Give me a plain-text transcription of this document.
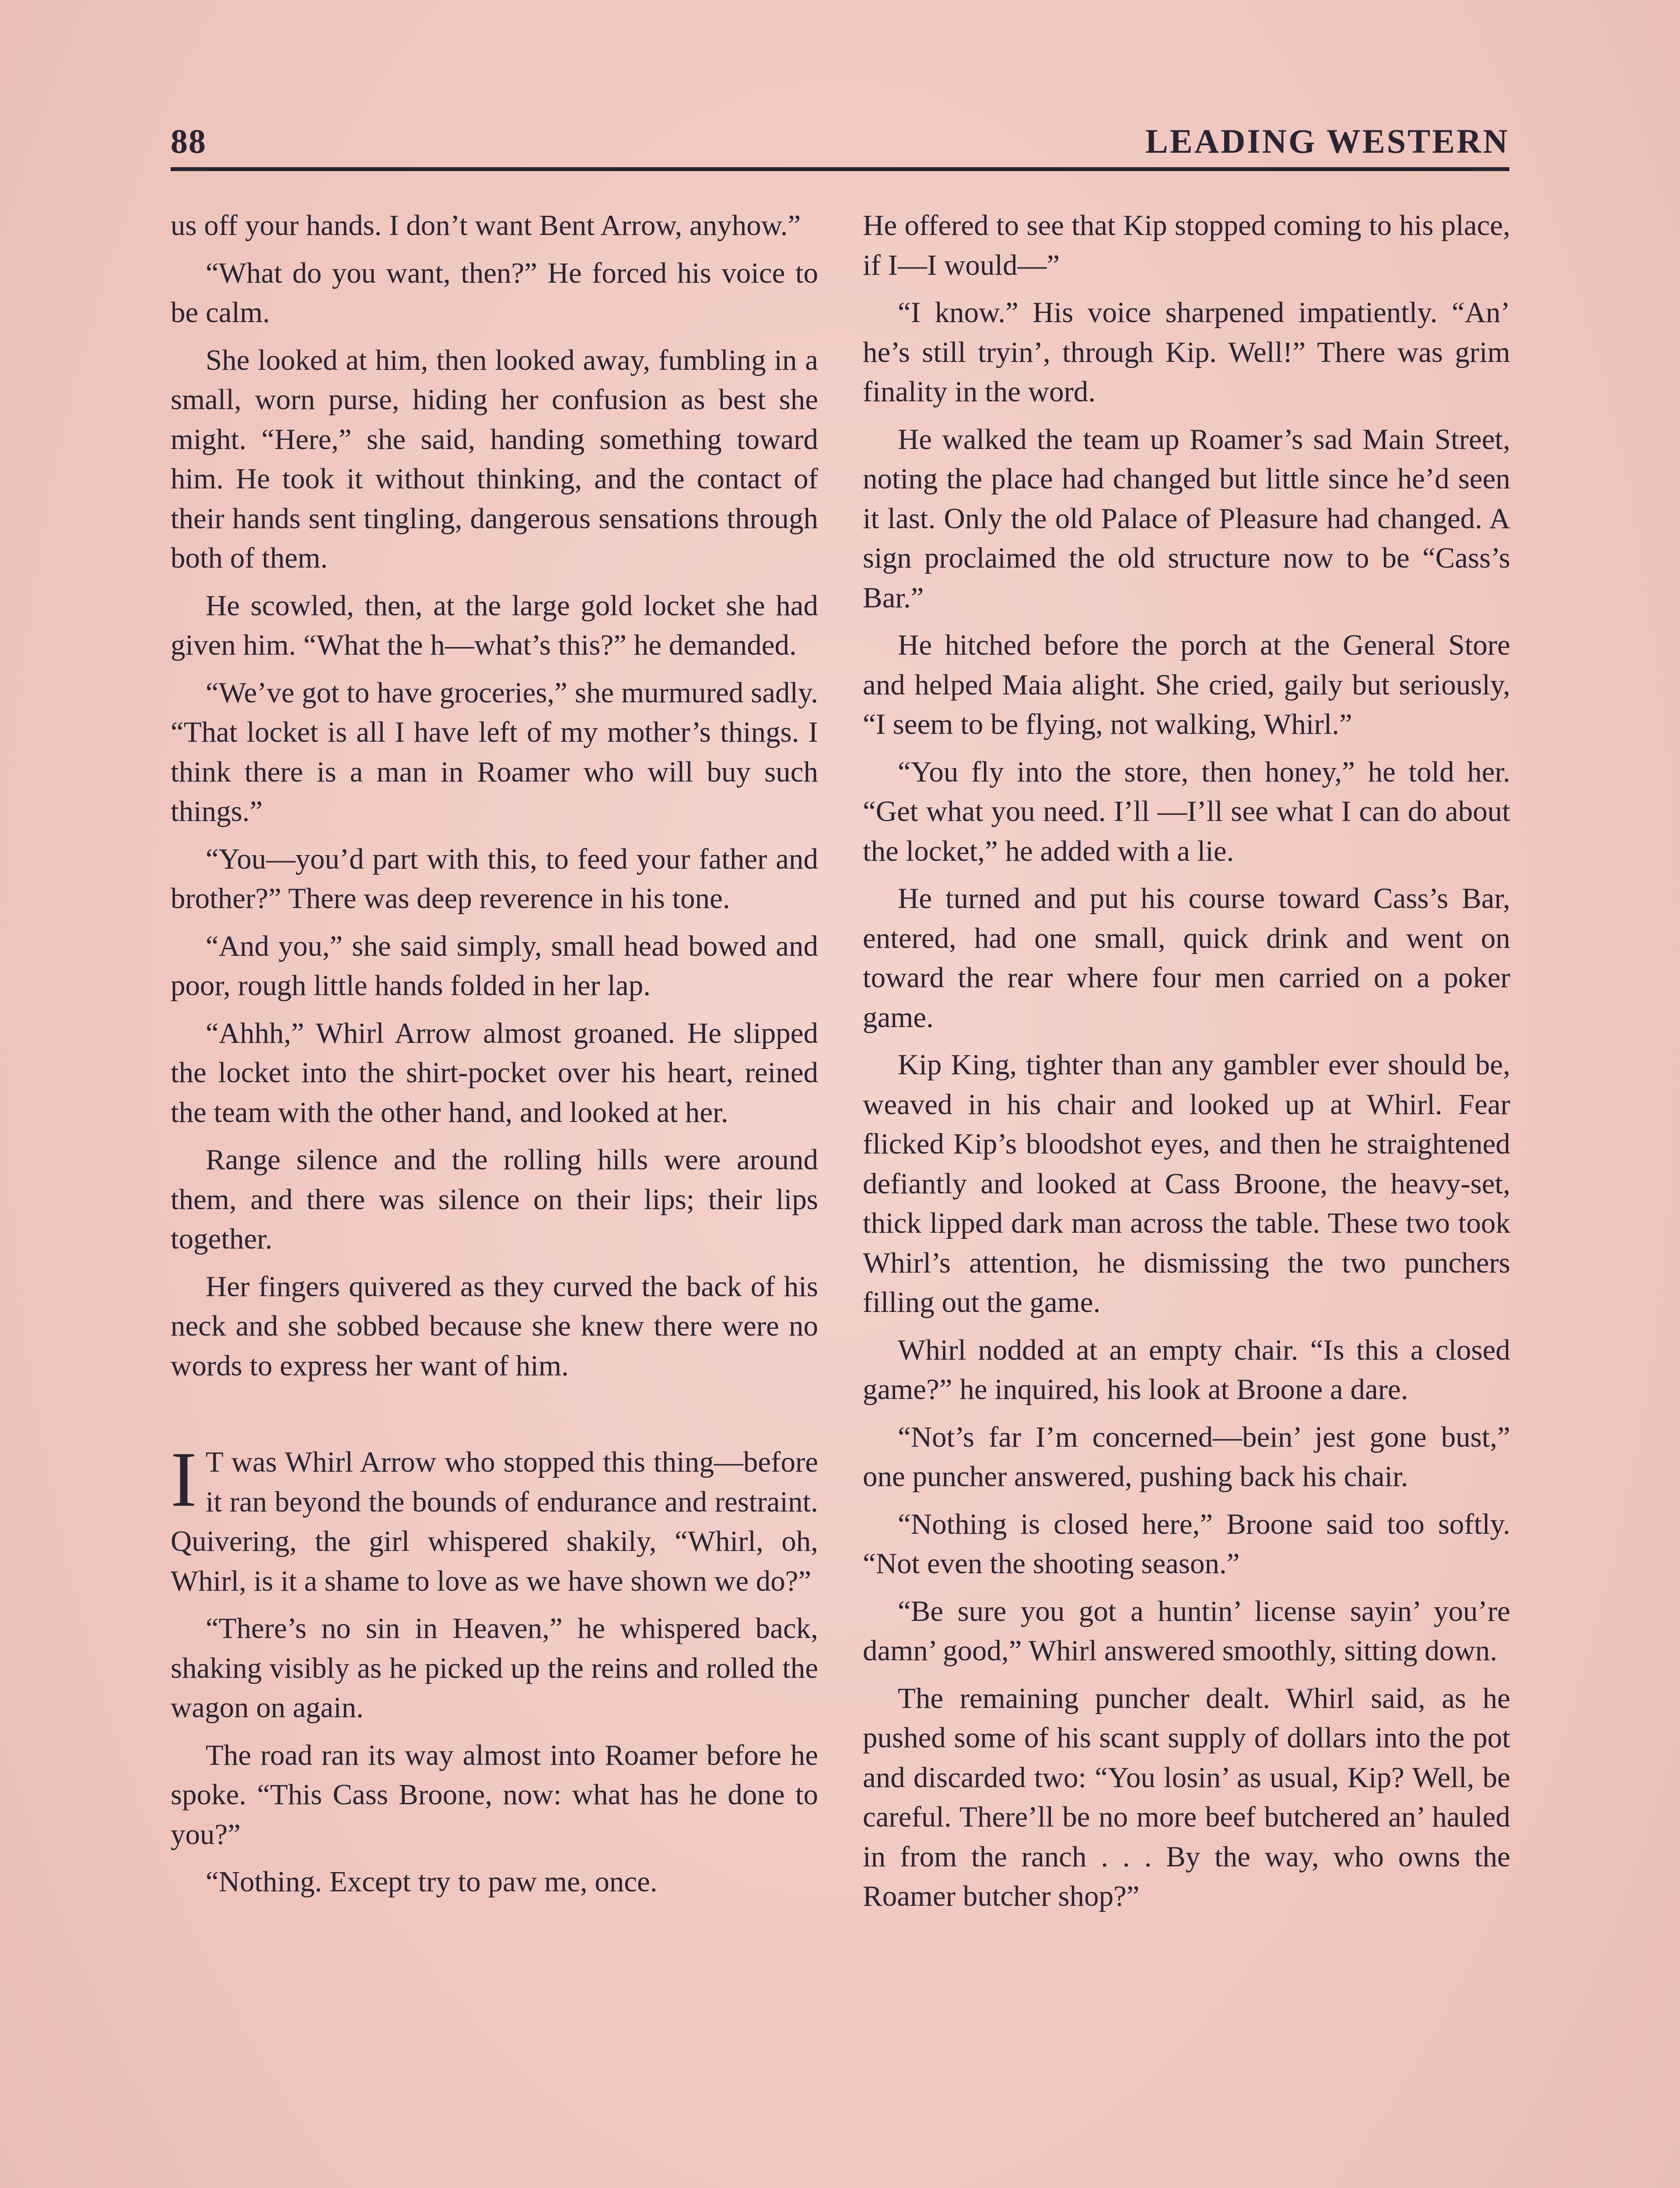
88	LEADING WESTERN

us off your hands. I don’t want Bent Arrow, anyhow.”

“What do you want, then?” He forced his voice to be calm.

She looked at him, then looked away, fumbling in a small, worn purse, hiding her confusion as best she might. “Here,” she said, handing something toward him. He took it without thinking, and the contact of their hands sent tingling, dangerous sensations through both of them.

He scowled, then, at the large gold locket she had given him. “What the h—what’s this?” he demanded.

“We’ve got to have groceries,” she murmured sadly. “That locket is all I have left of my mother’s things. I think there is a man in Roamer who will buy such things.”

“You—you’d part with this, to feed your father and brother?” There was deep reverence in his tone.

“And you,” she said simply, small head bowed and poor, rough little hands folded in her lap.

“Ahhh,” Whirl Arrow almost groaned. He slipped the locket into the shirt-pocket over his heart, reined the team with the other hand, and looked at her.

Range silence and the rolling hills were around them, and there was silence on their lips; their lips together.

Her fingers quivered as they curved the back of his neck and she sobbed because she knew there were no words to express her want of him.

I T was Whirl Arrow who stopped this thing—before it ran beyond the bounds of endurance and restraint. Quivering, the girl whispered shakily, “Whirl, oh, Whirl, is it a shame to love as we have shown we do?”

“There’s no sin in Heaven,” he whispered back, shaking visibly as he picked up the reins and rolled the wagon on again.

The road ran its way almost into Roamer before he spoke. “This Cass Broone, now: what has he done to you?”

“Nothing. Except try to paw me, once.

He offered to see that Kip stopped coming to his place, if I—I would—”

“I know.” His voice sharpened impatiently. “An’ he’s still tryin’, through Kip. Well!” There was grim finality in the word.

He walked the team up Roamer’s sad Main Street, noting the place had changed but little since he’d seen it last. Only the old Palace of Pleasure had changed. A sign proclaimed the old structure now to be “Cass’s Bar.”

He hitched before the porch at the General Store and helped Maia alight. She cried, gaily but seriously, “I seem to be flying, not walking, Whirl.”

“You fly into the store, then honey,” he told her. “Get what you need. I’ll —I’ll see what I can do about the locket,” he added with a lie.

He turned and put his course toward Cass’s Bar, entered, had one small, quick drink and went on toward the rear where four men carried on a poker game.

Kip King, tighter than any gambler ever should be, weaved in his chair and looked up at Whirl. Fear flicked Kip’s bloodshot eyes, and then he straightened defiantly and looked at Cass Broone, the heavy-set, thick lipped dark man across the table. These two took Whirl’s attention, he dismissing the two punchers filling out the game.

Whirl nodded at an empty chair. “Is this a closed game?” he inquired, his look at Broone a dare.

“Not’s far I’m concerned—bein’ jest gone bust,” one puncher answered, pushing back his chair.

“Nothing is closed here,” Broone said too softly. “Not even the shooting season.”

“Be sure you got a huntin’ license sayin’ you’re damn’ good,” Whirl answered smoothly, sitting down.

The remaining puncher dealt. Whirl said, as he pushed some of his scant supply of dollars into the pot and discarded two: “You losin’ as usual, Kip? Well, be careful. There’ll be no more beef butchered an’ hauled in from the ranch . . . By the way, who owns the Roamer butcher shop?”
